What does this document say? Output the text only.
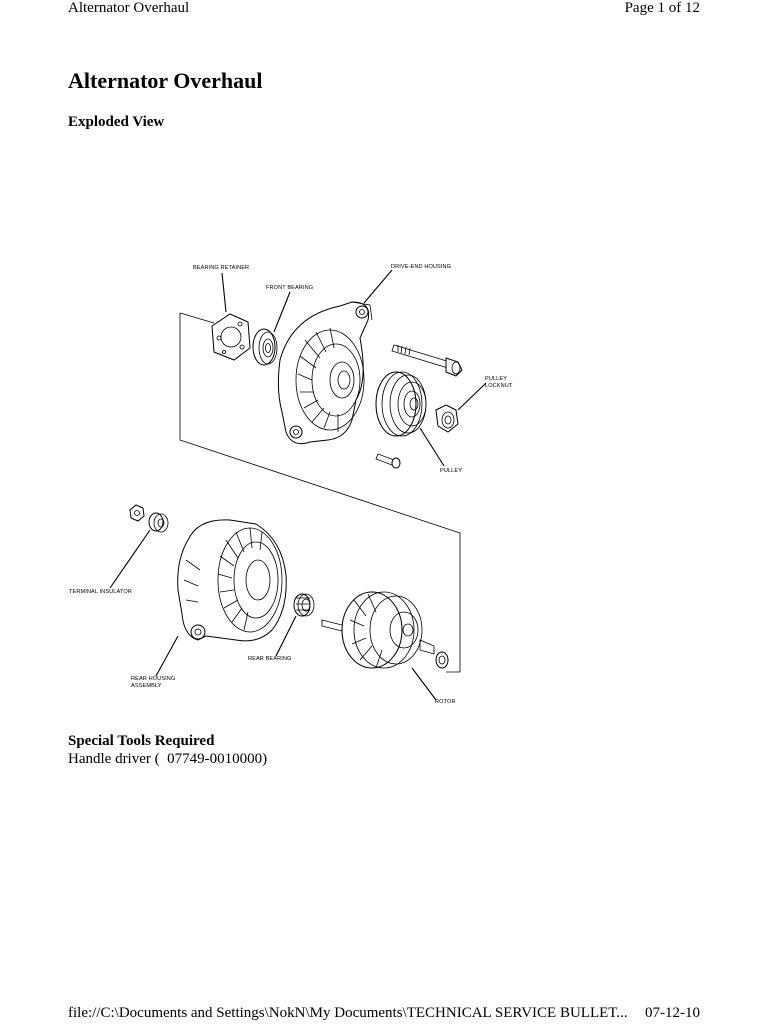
Alternator Overhaul	Page 1 of 12
Alternator Overhaul
Exploded View
BEARING RETAINER
FRONT BEARING
DRIVE-END HOUSING
PULLEY
LOCKNUT
PULLEY
TERMINAL INSULATOR
REAR BEARING
REAR HOUSING
ASSEMBLY
ROTOR
Special Tools Required
Handle driver (  07749-0010000)
file://C:\Documents and Settings\NokN\My Documents\TECHNICAL SERVICE BULLET... 07-12-10
